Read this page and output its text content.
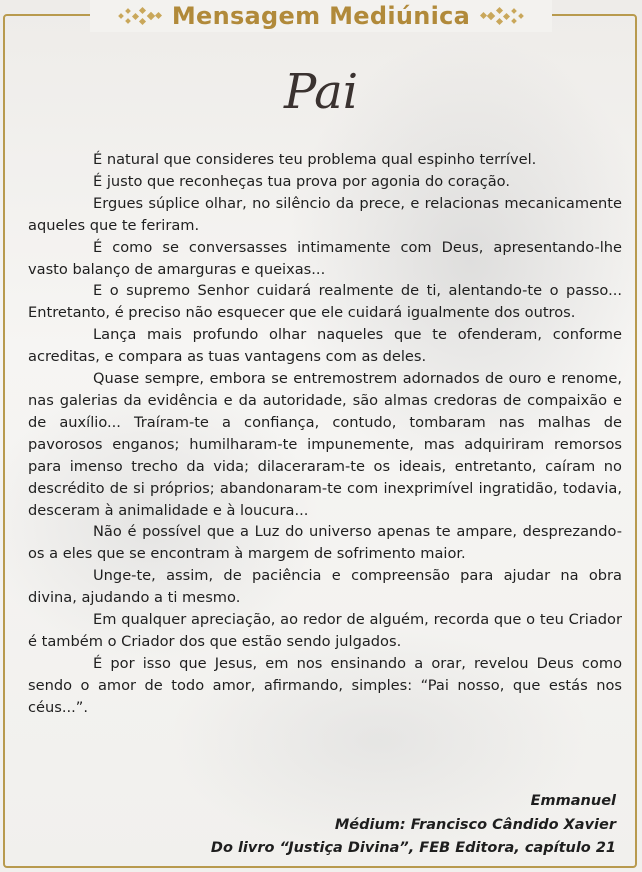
Mensagem Mediúnica
Pai

É natural que consideres teu problema qual espinho terrível.

É justo que reconheças tua prova por agonia do coração.

Ergues súplice olhar, no silêncio da prece, e relacionas mecanicamente aqueles que te feriram.

É como se conversasses intimamente com Deus, apresentando-lhe vasto balanço de amarguras e queixas...

E o supremo Senhor cuidará realmente de ti, alentando-te o passo... Entretanto, é preciso não esquecer que ele cuidará igualmente dos outros.

Lança mais profundo olhar naqueles que te ofenderam, conforme acreditas, e compara as tuas vantagens com as deles.

Quase sempre, embora se entremostrem adornados de ouro e renome, nas galerias da evidência e da autoridade, são almas credoras de compaixão e de auxílio... Traíram-te a confiança, contudo, tombaram nas malhas de pavorosos enganos; humilharam-te impunemente, mas adquiriram remorsos para imenso trecho da vida; dilaceraram-te os ideais, entretanto, caíram no descrédito de si próprios; abandonaram-te com inexprimível ingratidão, todavia, desceram à animalidade e à loucura...

Não é possível que a Luz do universo apenas te ampare, desprezando-os a eles que se encontram à margem de sofrimento maior.

Unge-te, assim, de paciência e compreensão para ajudar na obra divina, ajudando a ti mesmo.

Em qualquer apreciação, ao redor de alguém, recorda que o teu Criador é também o Criador dos que estão sendo julgados.

É por isso que Jesus, em nos ensinando a orar, revelou Deus como sendo o amor de todo amor, afirmando, simples: “Pai nosso, que estás nos céus...”.

Emmanuel
Médium: Francisco Cândido Xavier
Do livro “Justiça Divina”, FEB Editora, capítulo 21
